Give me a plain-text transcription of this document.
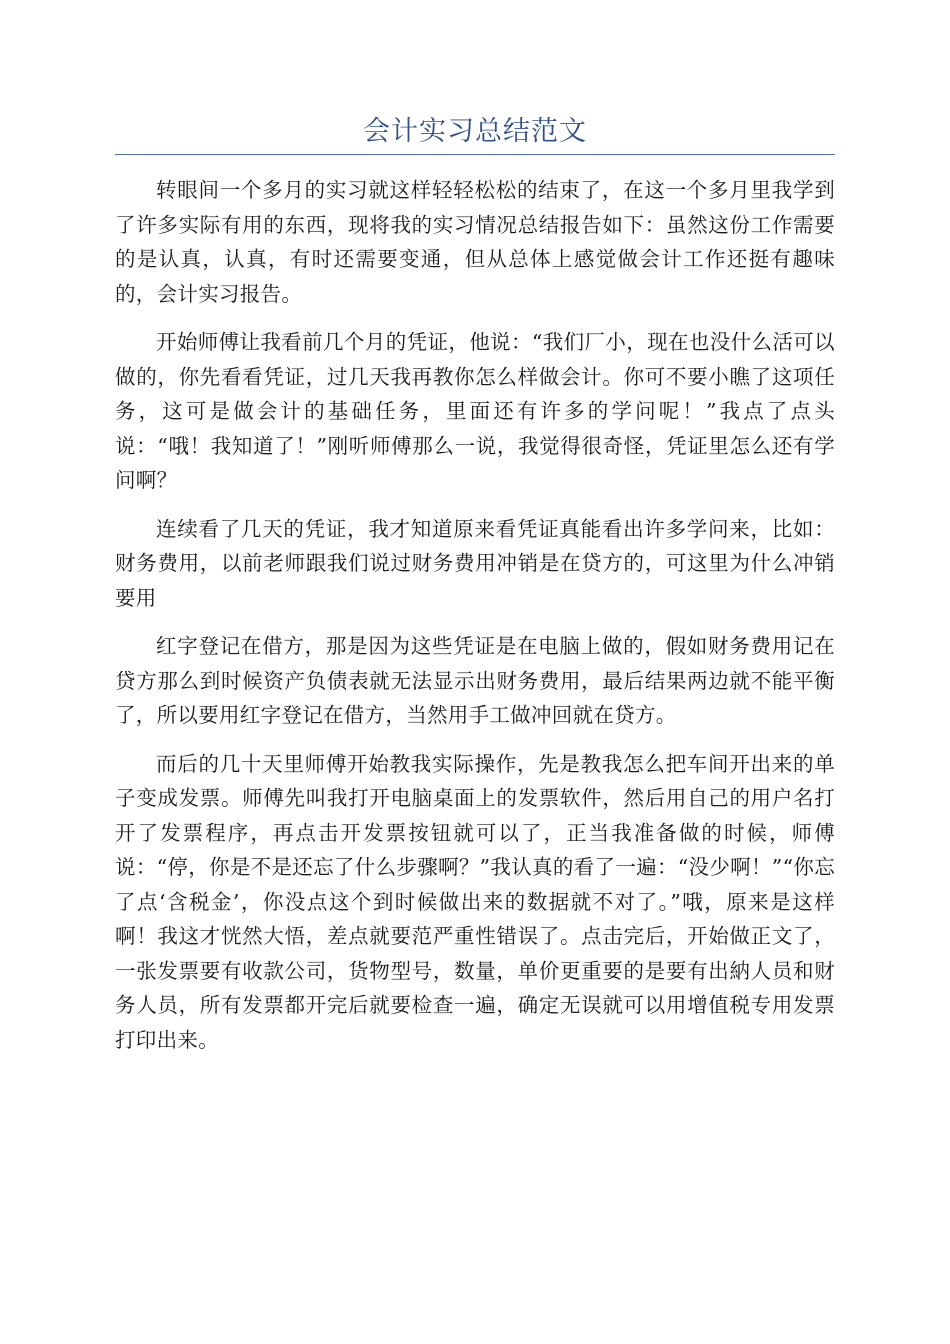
会计实习总结范文

转眼间一个多月的实习就这样轻轻松松的结束了，在这一个多月里我学到了许多实际有用的东西，现将我的实习情况总结报告如下：虽然这份工作需要的是认真，认真，有时还需要变通，但从总体上感觉做会计工作还挺有趣味的，会计实习报告。

开始师傅让我看前几个月的凭证，他说：“我们厂小，现在也没什么活可以做的，你先看看凭证，过几天我再教你怎么样做会计。你可不要小瞧了这项任务，这可是做会计的基础任务，里面还有许多的学问呢！”我点了点头说：“哦！我知道了！”刚听师傅那么一说，我觉得很奇怪，凭证里怎么还有学问啊？

连续看了几天的凭证，我才知道原来看凭证真能看出许多学问来，比如：财务费用，以前老师跟我们说过财务费用冲销是在贷方的，可这里为什么冲销要用

红字登记在借方，那是因为这些凭证是在电脑上做的，假如财务费用记在贷方那么到时候资产负债表就无法显示出财务费用，最后结果两边就不能平衡了，所以要用红字登记在借方，当然用手工做冲回就在贷方。

而后的几十天里师傅开始教我实际操作，先是教我怎么把车间开出来的单子变成发票。师傅先叫我打开电脑桌面上的发票软件，然后用自己的用户名打开了发票程序，再点击开发票按钮就可以了，正当我准备做的时候，师傅说：“停，你是不是还忘了什么步骤啊？”我认真的看了一遍：“没少啊！”“你忘了点‘含税金’，你没点这个到时候做出来的数据就不对了。”哦，原来是这样啊！我这才恍然大悟，差点就要范严重性错误了。点击完后，开始做正文了，一张发票要有收款公司，货物型号，数量，单价更重要的是要有出納人员和财务人员，所有发票都开完后就要检查一遍，确定无误就可以用增值税专用发票打印出来。
